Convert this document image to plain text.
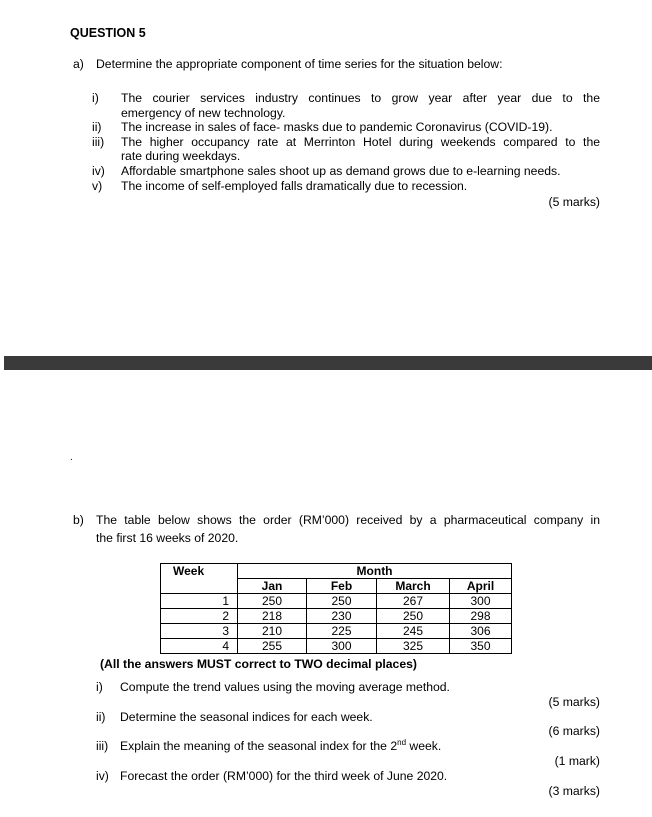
QUESTION 5
a) Determine the appropriate component of time series for the situation below:
i)	The courier services industry continues to grow year after year due to the
emergency of new technology.
ii)	The increase in sales of face- masks due to pandemic Coronavirus (COVID-19).
iii)	The higher occupancy rate at Merrinton Hotel during weekends compared to the
rate during weekdays.
iv)	Affordable smartphone sales shoot up as demand grows due to e-learning needs.
v)	The income of self-employed falls dramatically due to recession.
(5 marks)
.
b) The table below shows the order (RM’000) received by a pharmaceutical company in
the first 16 weeks of 2020.
Week	Month			
	Jan	Feb	March	April
1	250	250	267	300
2	218	230	250	298
3	210	225	245	306
4	255	300	325	350
(All the answers MUST correct to TWO decimal places)
i) Compute the trend values using the moving average method.
(5 marks)
ii) Determine the seasonal indices for each week.
(6 marks)
iii) Explain the meaning of the seasonal index for the 2nd week.
(1 mark)
iv) Forecast the order (RM’000) for the third week of June 2020.
(3 marks)
